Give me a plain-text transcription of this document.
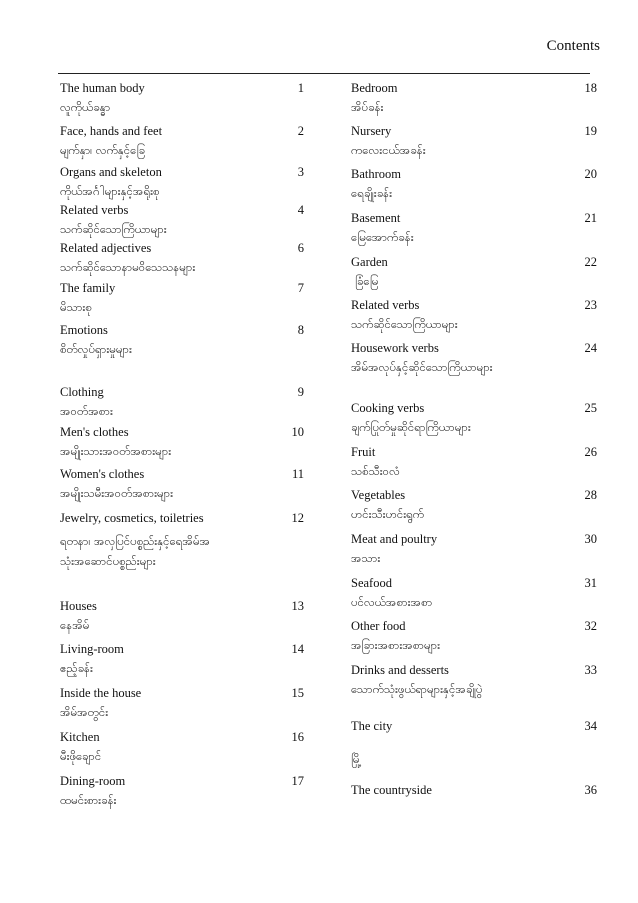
Contents
The human body	1
လူကိုယ်ခန္ဓာ
Face, hands and feet	2
မျက်နှာ၊ လက်နှင့်ခြေ
Organs and skeleton	3
ကိုယ်အင်္ဂါများနှင့်အရိုးစု
Related verbs	4
သက်ဆိုင်သောကြိယာများ
Related adjectives	6
သက်ဆိုင်သောနာမဝိသေသနများ
The family	7
မိသားစု
Emotions	8
စိတ်လှုပ်ရှားမှုများ
Clothing	9
အဝတ်အစား
Men's clothes	10
အမျိုးသားအဝတ်အစားများ
Women's clothes	11
အမျိုးသမီးအဝတ်အစားများ
Jewelry, cosmetics, toiletries	12
ရတနာ၊ အလှပြင်ပစ္စည်းနှင့်ရေအိမ်အ
သုံးအဆောင်ပစ္စည်းများ
Houses	13
နေအိမ်
Living-room	14
ဧည့်ခန်း
Inside the house	15
အိမ်အတွင်း
Kitchen	16
မီးဖိုချောင်
Dining-room	17
ထမင်းစားခန်း
Bedroom	18
အိပ်ခန်း
Nursery	19
ကလေးငယ်အခန်း
Bathroom	20
ရေချိုးခန်း
Basement	21
မြေအောက်ခန်း
Garden	22
ခြံမြေ
Related verbs	23
သက်ဆိုင်သောကြိယာများ
Housework verbs	24
အိမ်အလုပ်နှင့်ဆိုင်သောကြိယာများ
Cooking verbs	25
ချက်ပြုတ်မှုဆိုင်ရာကြိယာများ
Fruit	26
သစ်သီးဝလံ
Vegetables	28
ဟင်းသီးဟင်းရွက်
Meat and poultry	30
အသား
Seafood	31
ပင်လယ်အစားအစာ
Other food	32
အခြားအစားအစာများ
Drinks and desserts	33
သောက်သုံးဖွယ်ရာများနှင့်အချိုပွဲ
The city	34
မြို့
The countryside	36
